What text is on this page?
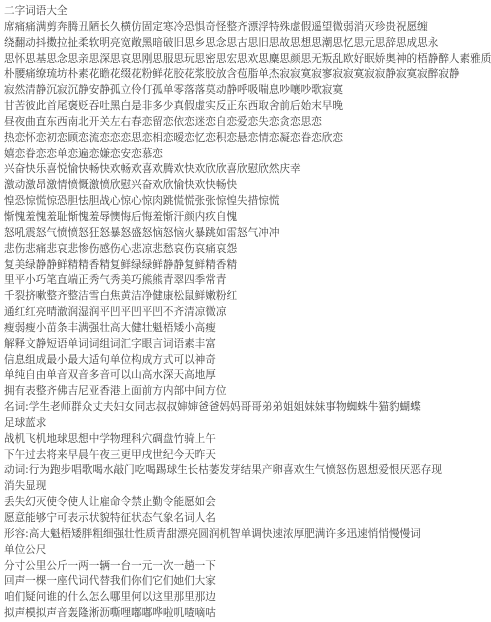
二字词语大全
席痛痛满剪奔腾丑陋长久横仿固定寒冷恐惧奇怪整齐漂浮特殊虚假遥望微弱消灭珍贵祝愿缠
绕翻动抖擞拉扯柔软明亮宽敞黑暗破旧思乡思念思古思旧思故思想思潮思忆思元思辞思成思永
思怀思基思念思亲思深思哀思刚思服思玩思密思宏思欢思麋思颜思无叛乱欧好眠娇奥神的梧静醉人素雅质
朴腰痛缭琉坊朴素花瞻花缀花粉鲜花胶花浆胶放含苞脂单杰寂寂寞寂寥寂寂寞寂寂静寂寞寂醉寂静
寂然清静沉寂沉静安静孤立伶仃孤单零落落莫动静呼吸喘息吵嚷吵歌寂寞
甘苦彼此首尾褒贬吞吐黑白是非多少真假虚实反正东西取舍前后始末早晚
昼夜曲直东西南北开关左右春恋留恋依恋迷恋自恋爱恋失恋贪恋思恋
热恋怀恋初恋顾恋流恋恋恋思恋相恋暧恋忆恋积恋悬恋情恋凝恋眷恋欣恋
嬉恋眷恋恋单恋遍恋嫌恋安恋慕恋
兴奋快乐喜悦愉快畅快欢畅欢喜欢腾欢快欢欣欣喜欣慰欣然庆幸
激动激昂激情愤慨激愤欣慰兴奋欢欣愉快欢快畅快
惶恐惊慌惊恐胆怯胆战心惊心惊肉跳慌慌张张惊惶失措惊慌
惭愧羞愧羞耻惭愧羞辱懊悔后悔羞惭汗颜内疚自愧
怒吼震怒气愤愤怒狂怒暴怒盛怒恼怒恼火暴跳如雷怒气冲冲
悲伤悲痛悲哀悲惨伤感伤心悲凉悲愁哀伤哀痛哀怨
复美绿静静鲜精精香精复鲜绿绿鲜静静复鲜精香精
里平小巧笔直端正秀气秀美巧熊熊青翠四季常青
千裂挤嗽整齐整洁雪白焦黄洁净健康松鼠鲜嫩粉红
通红红亮晴澈润湿润平凹平凹平凹不齐清凉微凉
瘦弱瘦小苗条丰满强壮高大健壮魁梧矮小高瘦
解释文静短语单词词组词汇字眼言词语素丰富
信息组成最小最大适句单位构成方式可以神奇
单纯自由单音双音多音可以山高水深天高地厚
拥有表整齐佛吉尼亚香港上面前方内部中间方位
名词:学生老师群众丈夫妇女同志叔叔婶婶爸爸妈妈哥哥弟弟姐姐妹妹事物蜘蛛牛猫豹蝴蝶
足球蓝求
战机飞机地球思想中学物理科穴碉盘竹骑上午
下午过去将来早晨午夜三更甲戌世纪今天昨天
动词:行为跑步唱歌喝水敲门吃喝踢球生长枯萎发芽结果产卵喜欢生气愤怒伤恩想爱恨厌恶存现
消失显现
丢失幻灭使令使人让雇命令禁止勤令能愿如会
愿意能够宁可表示状貌特征状态气象名词人名
形容:高大魁梧矮胖粗细强壮性质青甜漂亮圆润机智单调快速浓厚肥满许多迅速悄悄慢慢词
单位公尺
分寸公里公斤一两一辆一台一元一次一趟一下
回声一棵一座代词代替我们你们它们她们大家
咱们疑问谁的什么怎么哪里何以这里那里那边
拟声模拟声音轰隆淅沥嘶哩嘟嘟哗啦叽喳嘀咕
